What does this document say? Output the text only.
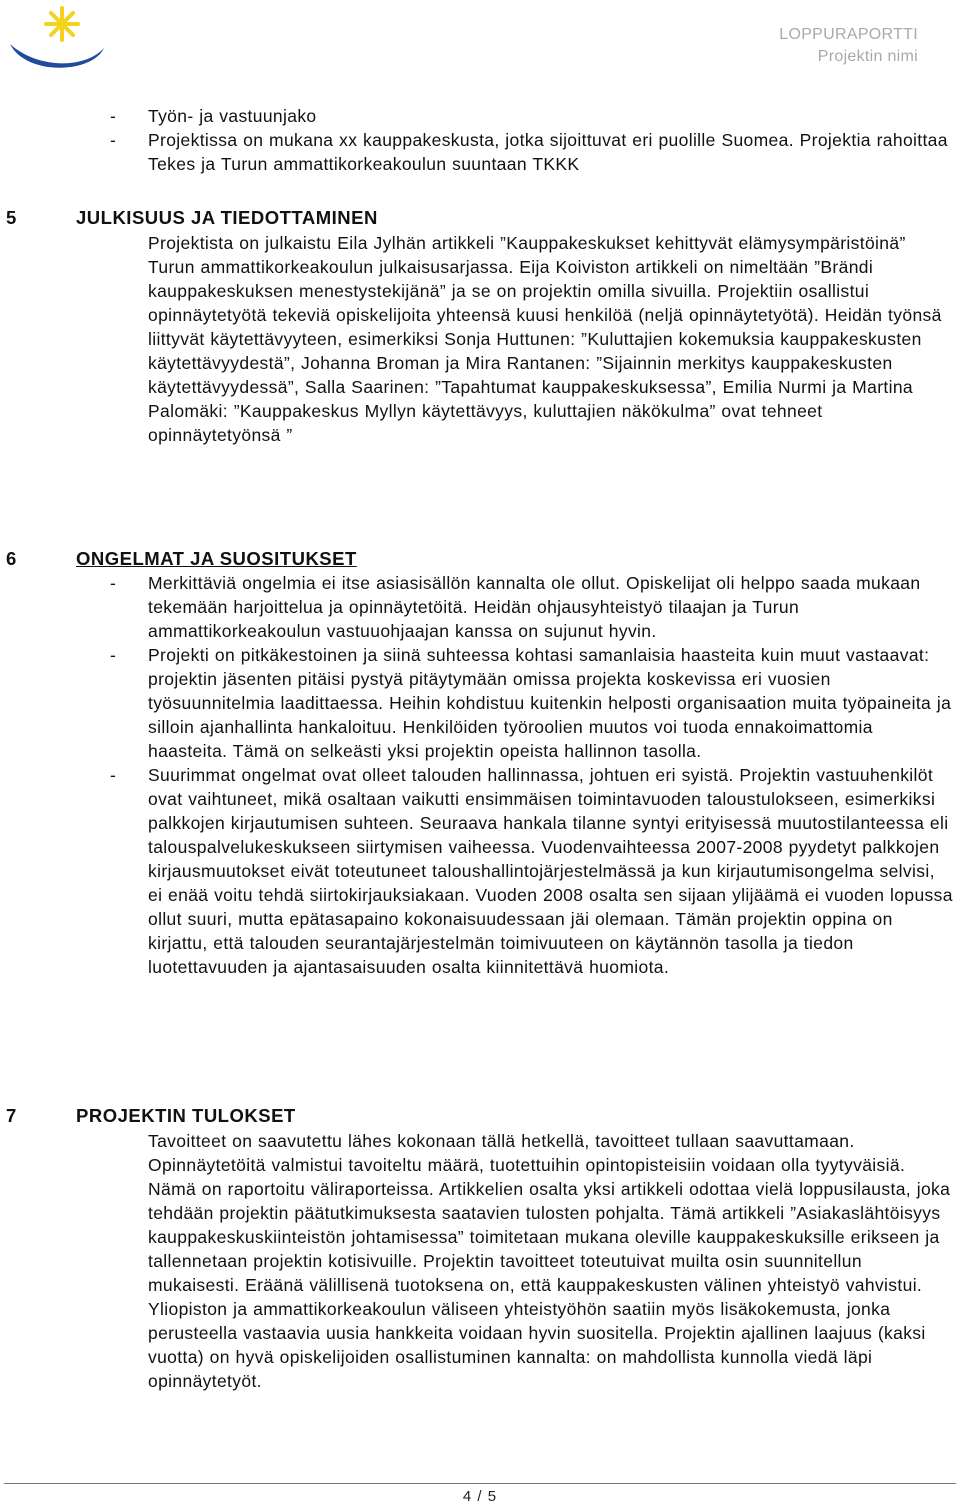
LOPPURAPORTTI
Projektin nimi
- Työn- ja vastuunjako
- Projektissa on mukana xx kauppakeskusta, jotka sijoittuvat eri puolille Suomea. Projektia rahoittaa Tekes ja Turun ammattikorkeakoulun suuntaan TKKK
5	JULKISUUS JA TIEDOTTAMINEN
Projektista on julkaistu Eila Jylhän artikkeli ”Kauppakeskukset kehittyvät elämysympäristöinä” Turun ammattikorkeakoulun julkaisusarjassa. Eija Koiviston artikkeli on nimeltään ”Brändi kauppakeskuksen menestystekijänä” ja se on projektin omilla sivuilla. Projektiin osallistui opinnäytetyötä tekeviä opiskelijoita yhteensä kuusi henkilöä (neljä opinnäytetyötä). Heidän työnsä liittyvät käytettävyyteen, esimerkiksi Sonja Huttunen: ”Kuluttajien kokemuksia kauppakeskusten käytettävyydestä”, Johanna Broman ja Mira Rantanen: ”Sijainnin merkitys kauppakeskusten käytettävyydessä”, Salla Saarinen: ”Tapahtumat kauppakeskuksessa”, Emilia Nurmi ja Martina Palomäki: ”Kauppakeskus Myllyn käytettävyys, kuluttajien näkökulma” ovat tehneet opinnäytetyönsä ”
6	ONGELMAT JA SUOSITUKSET
- Merkittäviä ongelmia ei itse asiasisällön kannalta ole ollut. Opiskelijat oli helppo saada mukaan tekemään harjoittelua ja opinnäytetöitä. Heidän ohjausyhteistyö tilaajan ja Turun ammattikorkeakoulun vastuuohjaajan kanssa on sujunut hyvin.
- Projekti on pitkäkestoinen ja siinä suhteessa kohtasi samanlaisia haasteita kuin muut vastaavat: projektin jäsenten pitäisi pystyä pitäytymään omissa projekta koskevissa eri vuosien työsuunnitelmia laadittaessa. Heihin kohdistuu kuitenkin helposti organisaation muita työpaineita ja silloin ajanhallinta hankaloituu. Henkilöiden työroolien muutos voi tuoda ennakoimattomia haasteita. Tämä on selkeästi yksi projektin opeista hallinnon tasolla.
- Suurimmat ongelmat ovat olleet talouden hallinnassa, johtuen eri syistä. Projektin vastuuhenkilöt ovat vaihtuneet, mikä osaltaan vaikutti ensimmäisen toimintavuoden taloustulokseen, esimerkiksi palkkojen kirjautumisen suhteen. Seuraava hankala tilanne syntyi erityisessä muutostilanteessa eli talouspalvelukeskukseen siirtymisen vaiheessa. Vuodenvaihteessa 2007-2008 pyydetyt palkkojen kirjausmuutokset eivät toteutuneet taloushallintojärjestelmässä ja kun kirjautumisongelma selvisi, ei enää voitu tehdä siirtokirjauksiakaan. Vuoden 2008 osalta sen sijaan ylijäämä ei vuoden lopussa ollut suuri, mutta epätasapaino kokonaisuudessaan jäi olemaan. Tämän projektin oppina on kirjattu, että talouden seurantajärjestelmän toimivuuteen on käytännön tasolla ja tiedon luotettavuuden ja ajantasaisuuden osalta kiinnitettävä huomiota.
7	PROJEKTIN TULOKSET
Tavoitteet on saavutettu lähes kokonaan tällä hetkellä, tavoitteet tullaan saavuttamaan. Opinnäytetöitä valmistui tavoiteltu määrä, tuotettuihin opintopisteisiin voidaan olla tyytyväisiä. Nämä on raportoitu väliraporteissa. Artikkelien osalta yksi artikkeli odottaa vielä loppusilausta, joka tehdään projektin päätutkimuksesta saatavien tulosten pohjalta. Tämä artikkeli ”Asiakaslähtöisyys kauppakeskuskiinteistön johtamisessa” toimitetaan mukana oleville kauppakeskuksille erikseen ja tallennetaan projektin kotisivuille. Projektin tavoitteet toteutuivat muilta osin suunnitellun mukaisesti. Eräänä välillisenä tuotoksena on, että kauppakeskusten välinen yhteistyö vahvistui. Yliopiston ja ammattikorkeakoulun väliseen yhteistyöhön saatiin myös lisäkokemusta, jonka perusteella vastaavia uusia hankkeita voidaan hyvin suositella. Projektin ajallinen laajuus (kaksi vuotta) on hyvä opiskelijoiden osallistuminen kannalta: on mahdollista kunnolla viedä läpi opinnäytetyöt.
4 / 5
